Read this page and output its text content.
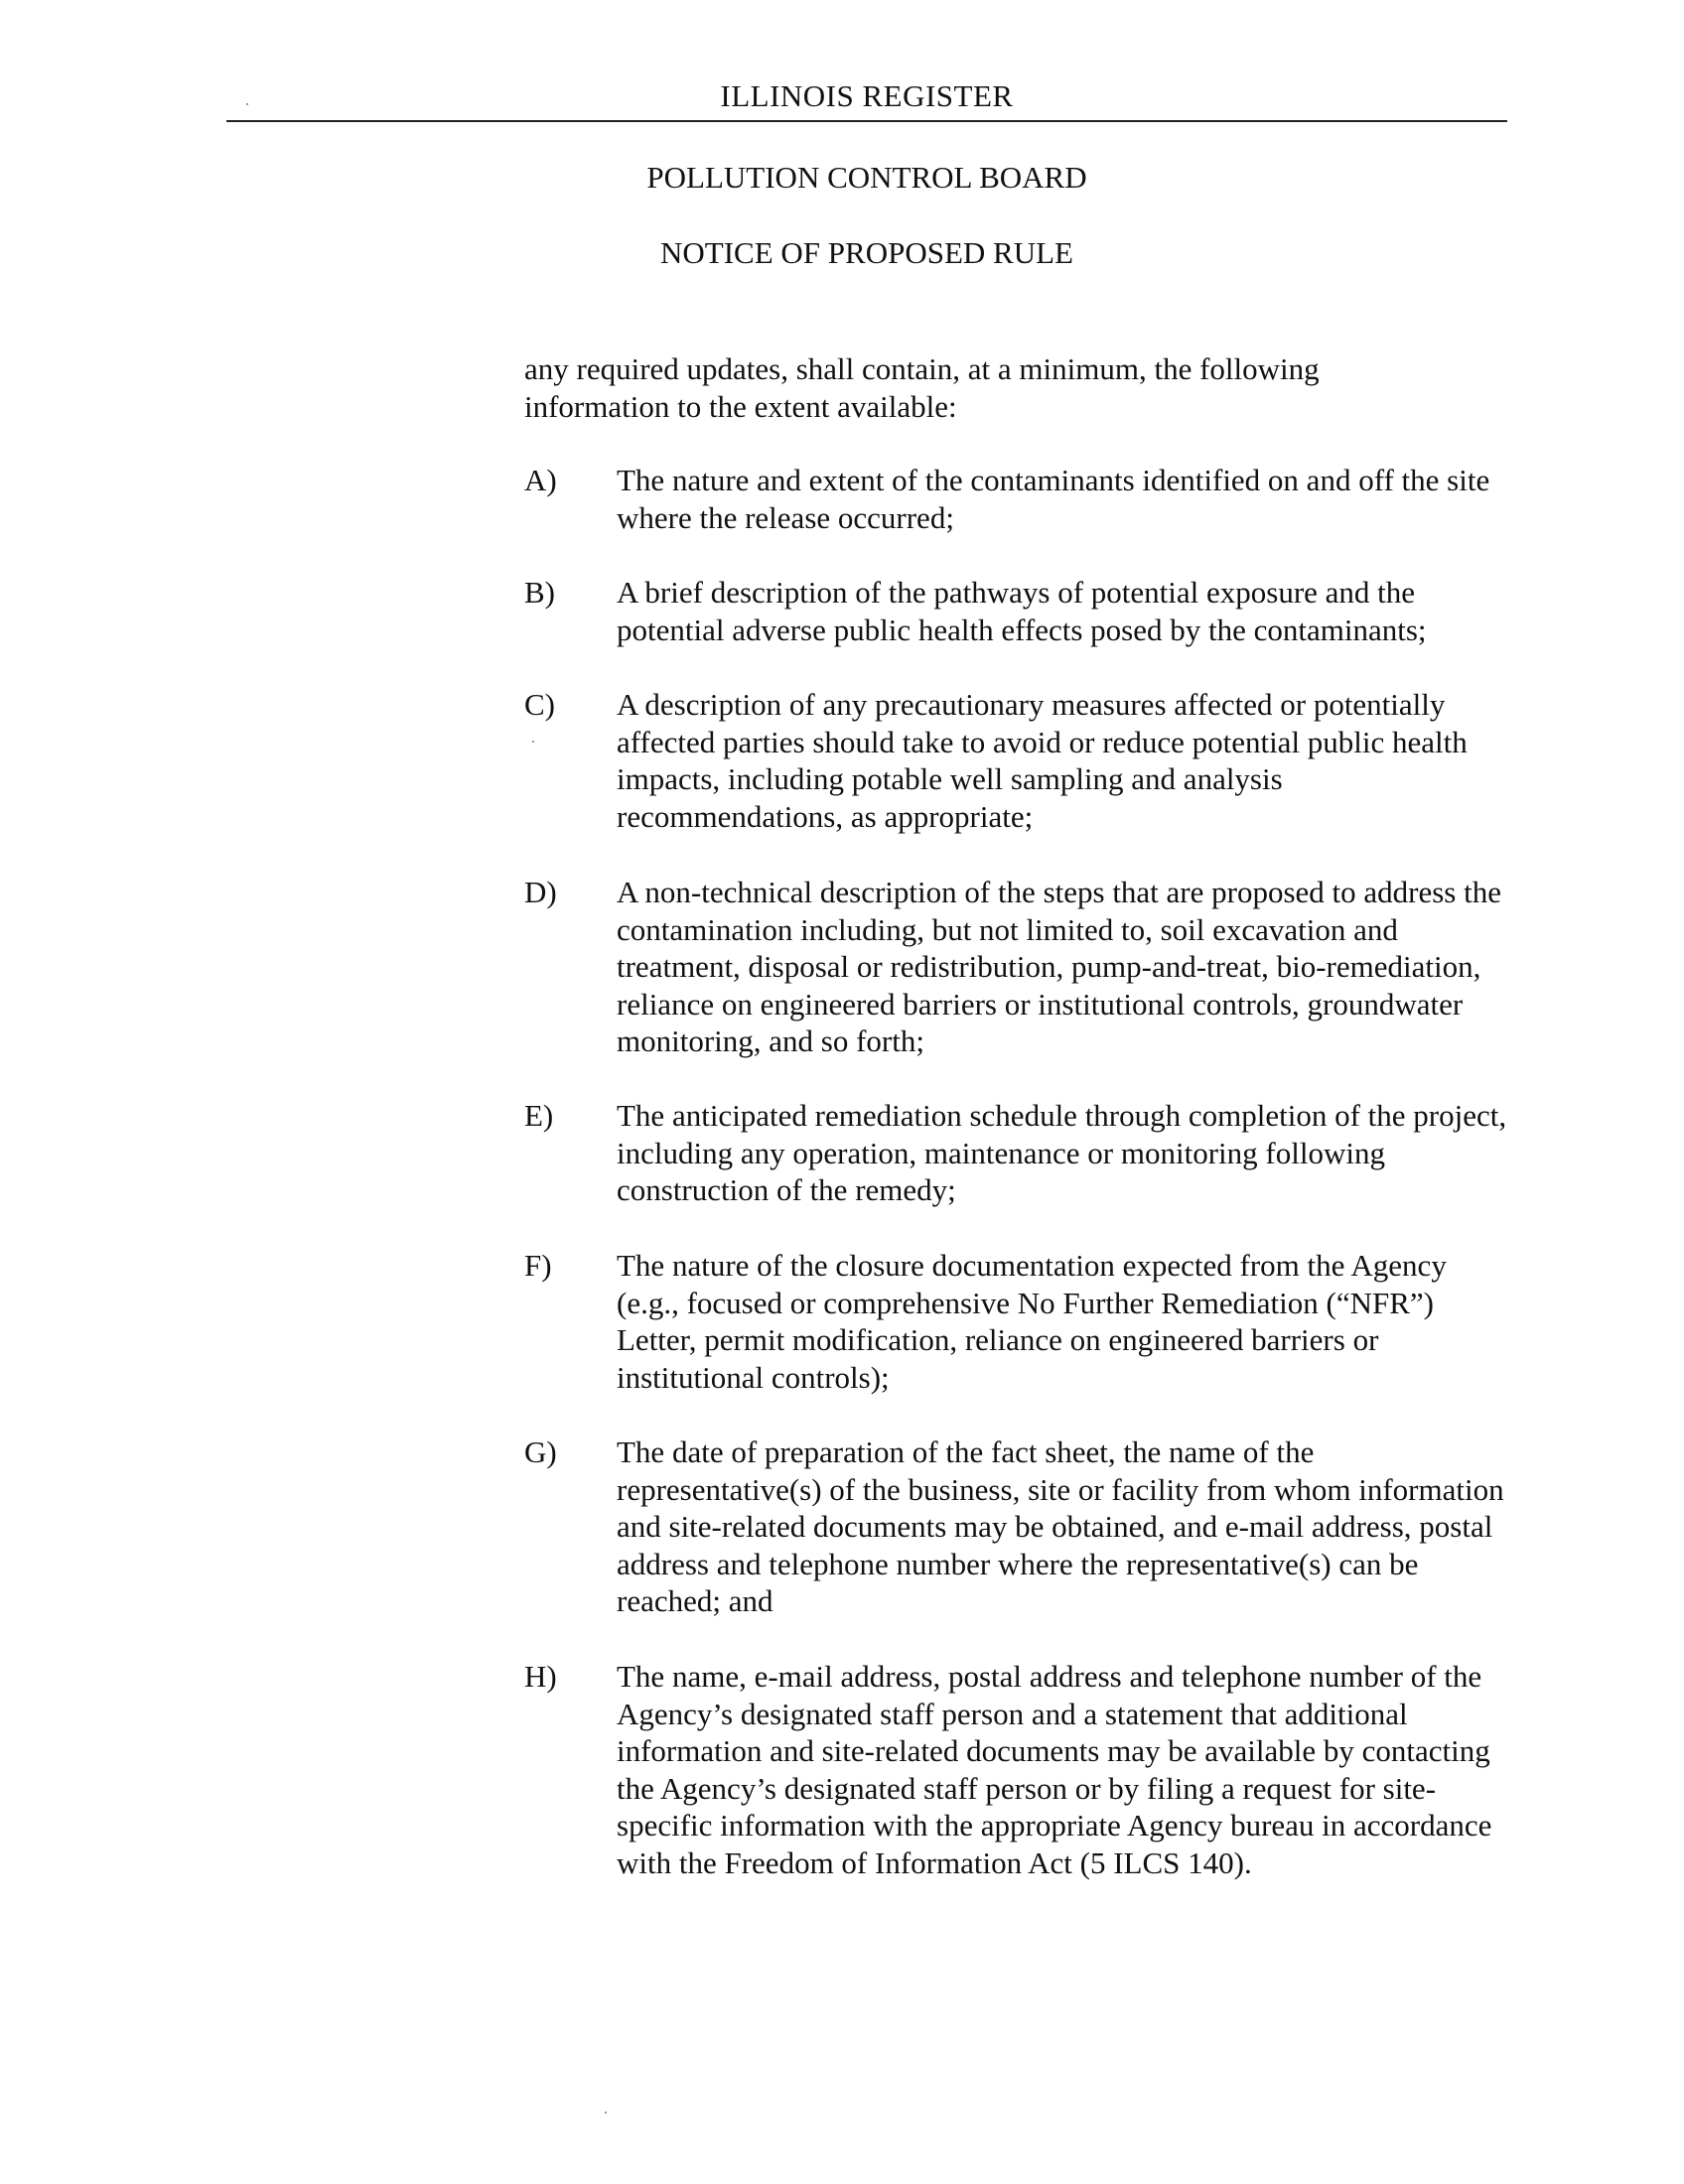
ILLINOIS REGISTER
POLLUTION CONTROL BOARD
NOTICE OF PROPOSED RULE
any required updates, shall contain, at a minimum, the following information to the extent available:
A) The nature and extent of the contaminants identified on and off the site where the release occurred;
B) A brief description of the pathways of potential exposure and the potential adverse public health effects posed by the contaminants;
C) A description of any precautionary measures affected or potentially affected parties should take to avoid or reduce potential public health impacts, including potable well sampling and analysis recommendations, as appropriate;
D) A non-technical description of the steps that are proposed to address the contamination including, but not limited to, soil excavation and treatment, disposal or redistribution, pump-and-treat, bio-remediation, reliance on engineered barriers or institutional controls, groundwater monitoring, and so forth;
E) The anticipated remediation schedule through completion of the project, including any operation, maintenance or monitoring following construction of the remedy;
F) The nature of the closure documentation expected from the Agency (e.g., focused or comprehensive No Further Remediation (“NFR”) Letter, permit modification, reliance on engineered barriers or institutional controls);
G) The date of preparation of the fact sheet, the name of the representative(s) of the business, site or facility from whom information and site-related documents may be obtained, and e-mail address, postal address and telephone number where the representative(s) can be reached; and
H) The name, e-mail address, postal address and telephone number of the Agency’s designated staff person and a statement that additional information and site-related documents may be available by contacting the Agency’s designated staff person or by filing a request for site-specific information with the appropriate Agency bureau in accordance with the Freedom of Information Act (5 ILCS 140).
